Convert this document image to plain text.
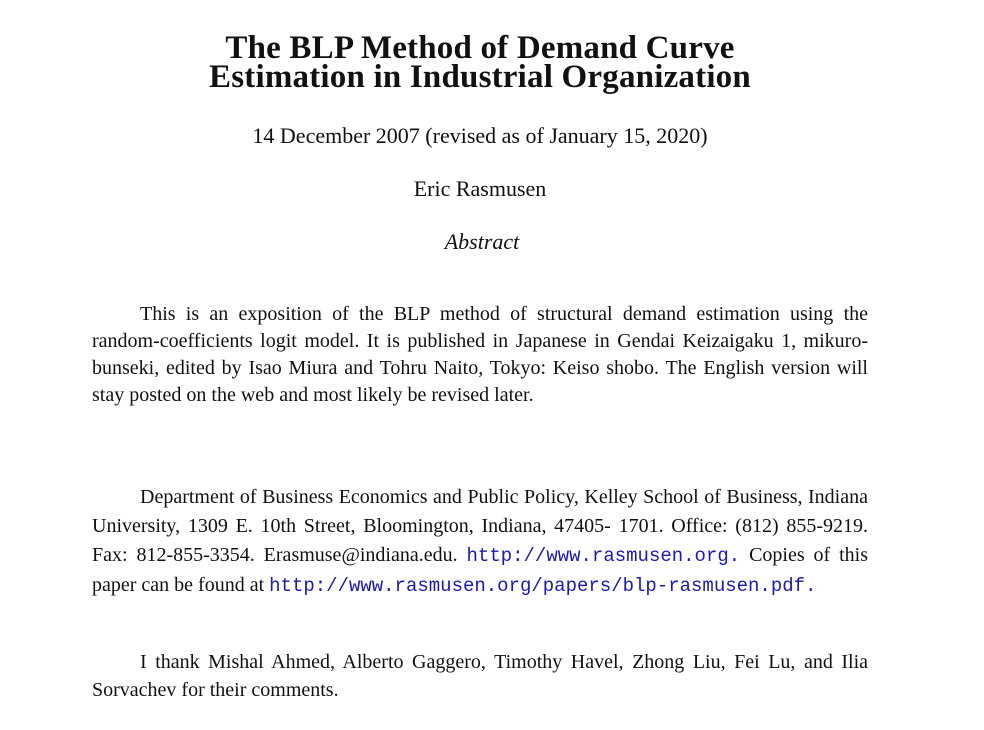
The BLP Method of Demand Curve
Estimation in Industrial Organization
14 December 2007 (revised as of January 15, 2020)
Eric Rasmusen
Abstract

This is an exposition of the BLP method of structural demand estimation using the random-coefficients logit model. It is published in Japanese in Gendai Keizaigaku 1, mikuro-bunseki, edited by Isao Miura and Tohru Naito, Tokyo: Keiso shobo. The English version will stay posted on the web and most likely be revised later.

Department of Business Economics and Public Policy, Kelley School of Business, Indiana University, 1309 E. 10th Street, Bloomington, Indiana, 47405- 1701. Office: (812) 855-9219. Fax: 812-855-3354. Erasmuse@indiana.edu. http://www.rasmusen.org. Copies of this paper can be found at http://www.rasmusen.org/papers/blp-rasmusen.pdf.

I thank Mishal Ahmed, Alberto Gaggero, Timothy Havel, Zhong Liu, Fei Lu, and Ilia Sorvachev for their comments.
